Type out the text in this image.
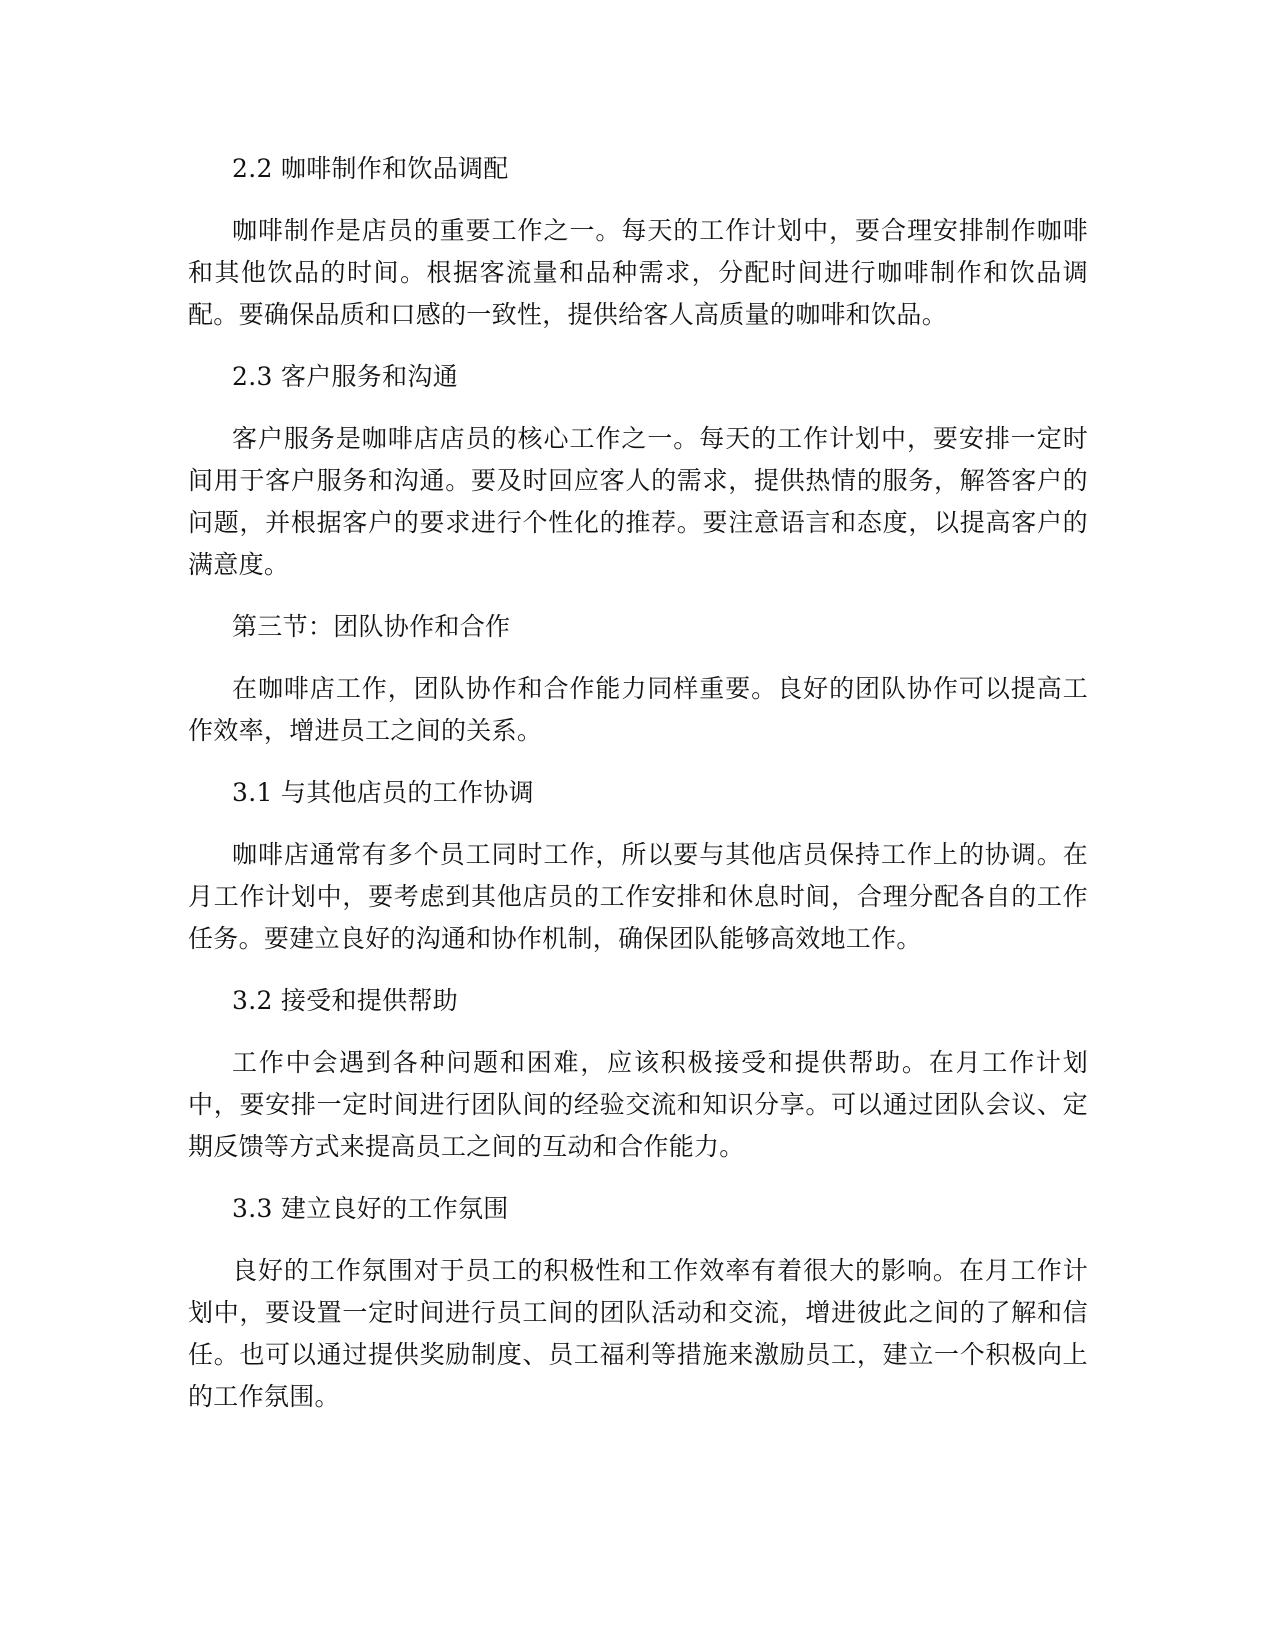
2.2 咖啡制作和饮品调配

咖啡制作是店员的重要工作之一。每天的工作计划中，要合理安排制作咖啡和其他饮品的时间。根据客流量和品种需求，分配时间进行咖啡制作和饮品调配。要确保品质和口感的一致性，提供给客人高质量的咖啡和饮品。

2.3 客户服务和沟通

客户服务是咖啡店店员的核心工作之一。每天的工作计划中，要安排一定时间用于客户服务和沟通。要及时回应客人的需求，提供热情的服务，解答客户的问题，并根据客户的要求进行个性化的推荐。要注意语言和态度，以提高客户的满意度。

第三节：团队协作和合作

在咖啡店工作，团队协作和合作能力同样重要。良好的团队协作可以提高工作效率，增进员工之间的关系。

3.1 与其他店员的工作协调

咖啡店通常有多个员工同时工作，所以要与其他店员保持工作上的协调。在月工作计划中，要考虑到其他店员的工作安排和休息时间，合理分配各自的工作任务。要建立良好的沟通和协作机制，确保团队能够高效地工作。

3.2 接受和提供帮助

工作中会遇到各种问题和困难，应该积极接受和提供帮助。在月工作计划中，要安排一定时间进行团队间的经验交流和知识分享。可以通过团队会议、定期反馈等方式来提高员工之间的互动和合作能力。

3.3 建立良好的工作氛围

良好的工作氛围对于员工的积极性和工作效率有着很大的影响。在月工作计划中，要设置一定时间进行员工间的团队活动和交流，增进彼此之间的了解和信任。也可以通过提供奖励制度、员工福利等措施来激励员工，建立一个积极向上的工作氛围。
